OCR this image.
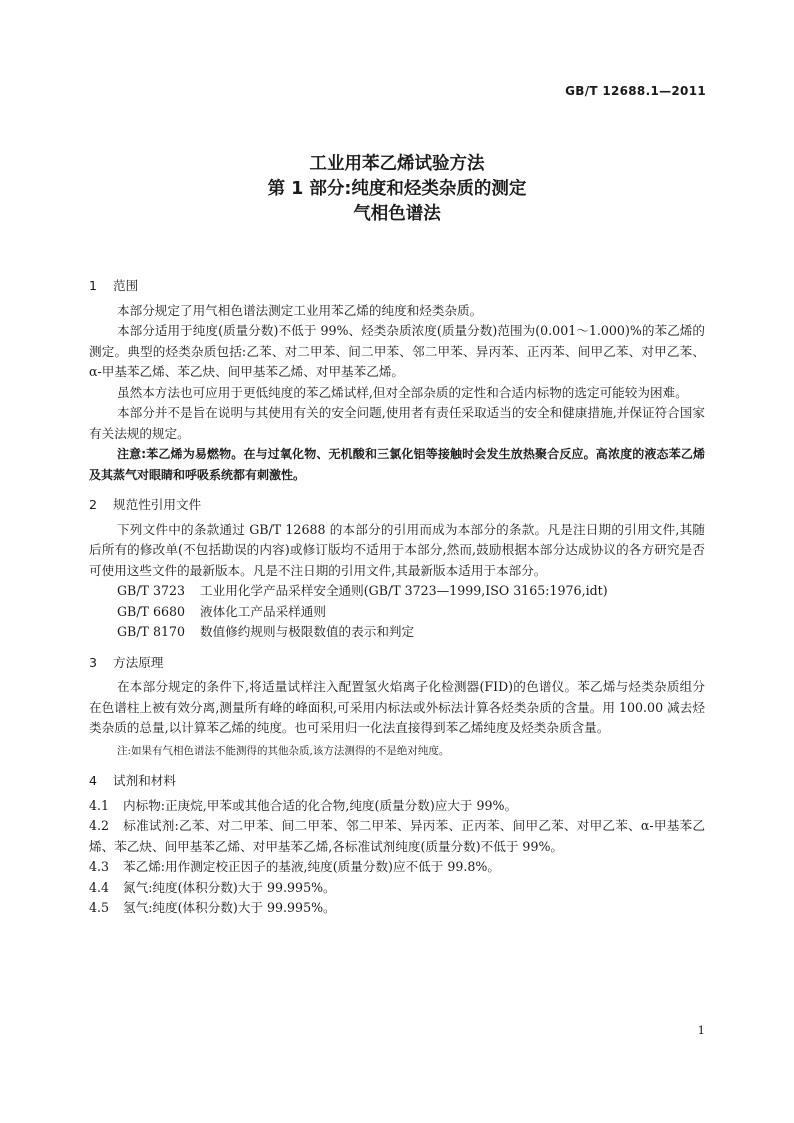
GB/T 12688.1—2011
工业用苯乙烯试验方法
第 1 部分:纯度和烃类杂质的测定
气相色谱法
1 范围

本部分规定了用气相色谱法测定工业用苯乙烯的纯度和烃类杂质。

本部分适用于纯度(质量分数)不低于 99%、烃类杂质浓度(质量分数)范围为(0.001～1.000)%的苯乙烯的测定。典型的烃类杂质包括:乙苯、对二甲苯、间二甲苯、邻二甲苯、异丙苯、正丙苯、间甲乙苯、对甲乙苯、α-甲基苯乙烯、苯乙炔、间甲基苯乙烯、对甲基苯乙烯。

虽然本方法也可应用于更低纯度的苯乙烯试样,但对全部杂质的定性和合适内标物的选定可能较为困难。

本部分并不是旨在说明与其使用有关的安全问题,使用者有责任采取适当的安全和健康措施,并保证符合国家有关法规的规定。

注意:苯乙烯为易燃物。在与过氧化物、无机酸和三氯化铝等接触时会发生放热聚合反应。高浓度的液态苯乙烯及其蒸气对眼睛和呼吸系统都有刺激性。

2 规范性引用文件

下列文件中的条款通过 GB/T 12688 的本部分的引用而成为本部分的条款。凡是注日期的引用文件,其随后所有的修改单(不包括勘误的内容)或修订版均不适用于本部分,然而,鼓励根据本部分达成协议的各方研究是否可使用这些文件的最新版本。凡是不注日期的引用文件,其最新版本适用于本部分。

GB/T 3723 工业用化学产品采样安全通则(GB/T 3723—1999,ISO 3165:1976,idt)

GB/T 6680 液体化工产品采样通则

GB/T 8170 数值修约规则与极限数值的表示和判定

3 方法原理

在本部分规定的条件下,将适量试样注入配置氢火焰离子化检测器(FID)的色谱仪。苯乙烯与烃类杂质组分在色谱柱上被有效分离,测量所有峰的峰面积,可采用内标法或外标法计算各烃类杂质的含量。用 100.00 减去烃类杂质的总量,以计算苯乙烯的纯度。也可采用归一化法直接得到苯乙烯纯度及烃类杂质含量。

注:如果有气相色谱法不能测得的其他杂质,该方法测得的不是绝对纯度。

4 试剂和材料

4.1 内标物:正庚烷,甲苯或其他合适的化合物,纯度(质量分数)应大于 99%。

4.2 标准试剂:乙苯、对二甲苯、间二甲苯、邻二甲苯、异丙苯、正丙苯、间甲乙苯、对甲乙苯、α-甲基苯乙烯、苯乙炔、间甲基苯乙烯、对甲基苯乙烯,各标准试剂纯度(质量分数)不低于 99%。

4.3 苯乙烯:用作测定校正因子的基液,纯度(质量分数)应不低于 99.8%。

4.4 氮气:纯度(体积分数)大于 99.995%。

4.5 氢气:纯度(体积分数)大于 99.995%。

1
